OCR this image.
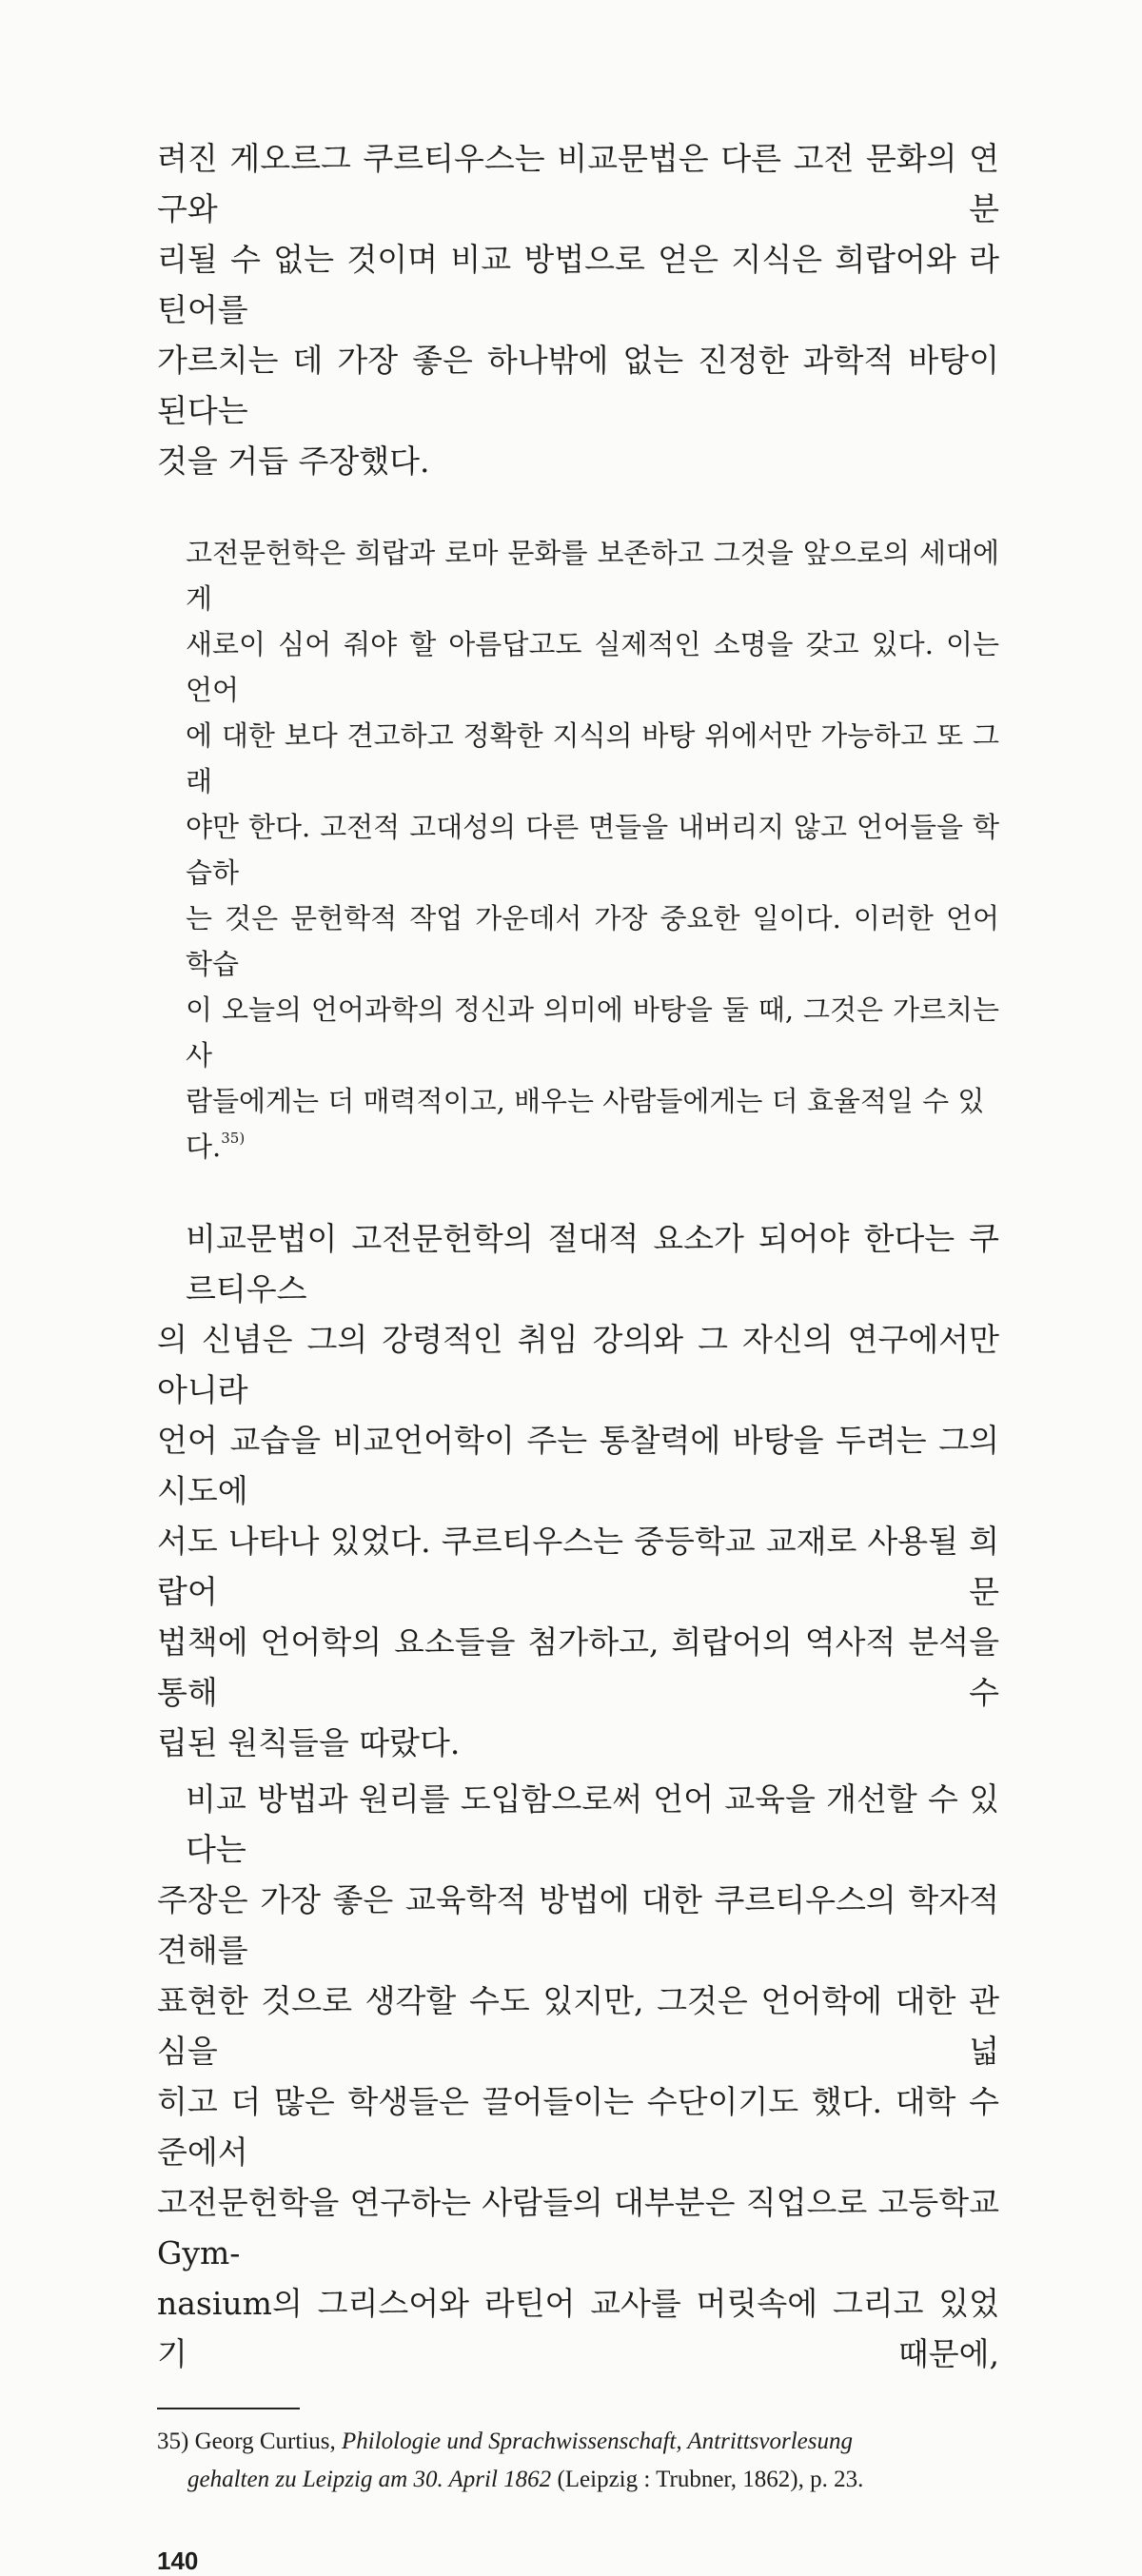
려진 게오르그 쿠르티우스는 비교문법은 다른 고전 문화의 연구와 분
리될 수 없는 것이며 비교 방법으로 얻은 지식은 희랍어와 라틴어를
가르치는 데 가장 좋은 하나밖에 없는 진정한 과학적 바탕이 된다는
것을 거듭 주장했다.

고전문헌학은 희랍과 로마 문화를 보존하고 그것을 앞으로의 세대에게
새로이 심어 줘야 할 아름답고도 실제적인 소명을 갖고 있다. 이는 언어
에 대한 보다 견고하고 정확한 지식의 바탕 위에서만 가능하고 또 그래
야만 한다. 고전적 고대성의 다른 면들을 내버리지 않고 언어들을 학습하
는 것은 문헌학적 작업 가운데서 가장 중요한 일이다. 이러한 언어 학습
이 오늘의 언어과학의 정신과 의미에 바탕을 둘 때, 그것은 가르치는 사
람들에게는 더 매력적이고, 배우는 사람들에게는 더 효율적일 수 있다.$^{35)}$

비교문법이 고전문헌학의 절대적 요소가 되어야 한다는 쿠르티우스
의 신념은 그의 강령적인 취임 강의와 그 자신의 연구에서만 아니라
언어 교습을 비교언어학이 주는 통찰력에 바탕을 두려는 그의 시도에
서도 나타나 있었다. 쿠르티우스는 중등학교 교재로 사용될 희랍어 문
법책에 언어학의 요소들을 첨가하고, 희랍어의 역사적 분석을 통해 수
립된 원칙들을 따랐다.

비교 방법과 원리를 도입함으로써 언어 교육을 개선할 수 있다는
주장은 가장 좋은 교육학적 방법에 대한 쿠르티우스의 학자적 견해를
표현한 것으로 생각할 수도 있지만, 그것은 언어학에 대한 관심을 넓
히고 더 많은 학생들은 끌어들이는 수단이기도 했다. 대학 수준에서
고전문헌학을 연구하는 사람들의 대부분은 직업으로 고등학교 Gym-
nasium의 그리스어와 라틴어 교사를 머릿속에 그리고 있었기 때문에,

35) Georg Curtius, Philologie und Sprachwissenschaft, Antrittsvorlesung
gehalten zu Leipzig am 30. April 1862 (Leipzig : Trubner, 1862), p. 23.
140
